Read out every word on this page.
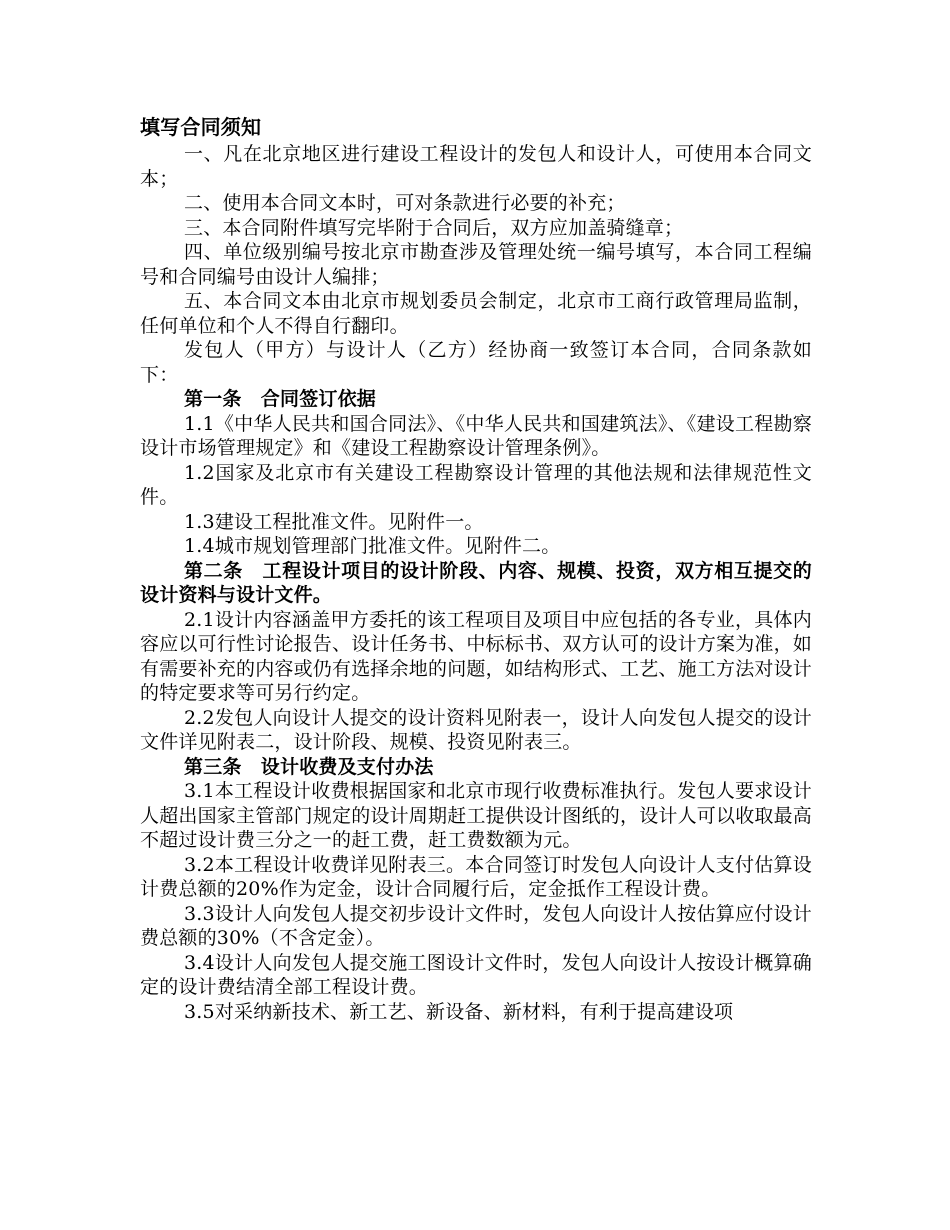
填写合同须知

一、凡在北京地区进行建设工程设计的发包人和设计人，可使用本合同文本；

二、使用本合同文本时，可对条款进行必要的补充；

三、本合同附件填写完毕附于合同后，双方应加盖骑缝章；

四、单位级别编号按北京市勘查涉及管理处统一编号填写，本合同工程编号和合同编号由设计人编排；

五、本合同文本由北京市规划委员会制定，北京市工商行政管理局监制，任何单位和个人不得自行翻印。

发包人（甲方）与设计人（乙方）经协商一致签订本合同，合同条款如下：

第一条　合同签订依据

1.1《中华人民共和国合同法》、《中华人民共和国建筑法》、《建设工程勘察设计市场管理规定》和《建设工程勘察设计管理条例》。

1.2国家及北京市有关建设工程勘察设计管理的其他法规和法律规范性文件。

1.3建设工程批准文件。见附件一。

1.4城市规划管理部门批准文件。见附件二。

第二条　工程设计项目的设计阶段、内容、规模、投资，双方相互提交的设计资料与设计文件。

2.1设计内容涵盖甲方委托的该工程项目及项目中应包括的各专业，具体内容应以可行性讨论报告、设计任务书、中标标书、双方认可的设计方案为准，如有需要补充的内容或仍有选择余地的问题，如结构形式、工艺、施工方法对设计的特定要求等可另行约定。

2.2发包人向设计人提交的设计资料见附表一，设计人向发包人提交的设计文件详见附表二，设计阶段、规模、投资见附表三。

第三条　设计收费及支付办法

3.1本工程设计收费根据国家和北京市现行收费标准执行。发包人要求设计人超出国家主管部门规定的设计周期赶工提供设计图纸的，设计人可以收取最高不超过设计费三分之一的赶工费，赶工费数额为元。

3.2本工程设计收费详见附表三。本合同签订时发包人向设计人支付估算设计费总额的20%作为定金，设计合同履行后，定金抵作工程设计费。

3.3设计人向发包人提交初步设计文件时，发包人向设计人按估算应付设计费总额的30%（不含定金）。

3.4设计人向发包人提交施工图设计文件时，发包人向设计人按设计概算确定的设计费结清全部工程设计费。

3.5对采纳新技术、新工艺、新设备、新材料，有利于提高建设项
